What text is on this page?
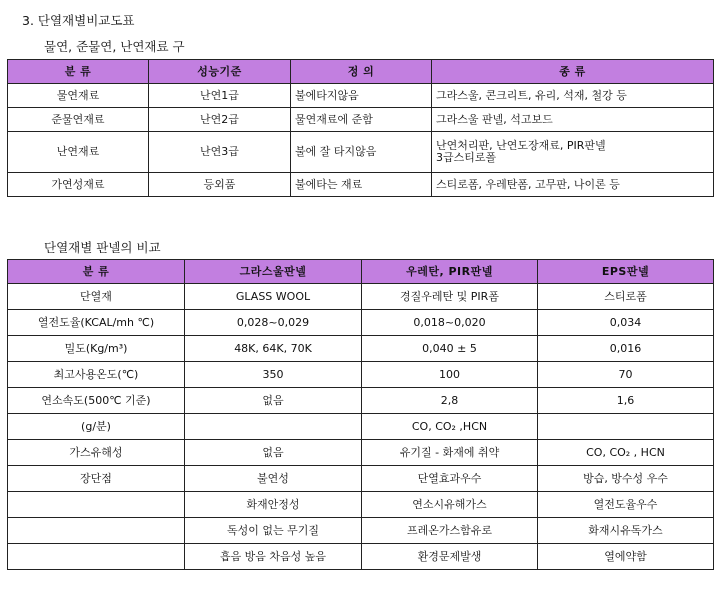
3. 단열재별비교도표
물연, 준물연, 난연재료 구
분 류	성능기준	정 의	종 류
물연재료	난연1급	불에타지않음	그라스울, 콘크리트, 유리, 석재, 철강 등
준물연재료	난연2급	물연재료에 준함	그라스울 판넬, 석고보드
난연재료	난연3급	불에 잘 타지않음	난연처리판, 난연도장재료, PIR판넬
3급스티로폴
가연성재료	등외품	불에타는 재료	스티로폼, 우레탄폼, 고무판, 나이론 등
단열재별 판넬의 비교
분 류	그라스울판넬	우레탄, PIR판넬	EPS판넬
단열재	GLASS WOOL	경질우레탄 및 PIR폼	스티로폼
열전도율(KCAL/mh ℃)	0,028~0,029	0,018~0,020	0,034
밀도(Kg/m³)	48K, 64K, 70K	0,040 ± 5	0,016
최고사용온도(℃)	350	100	70
연소속도(500℃ 기준)	없음	2,8	1,6
(g/분)		CO, CO₂ ,HCN	
가스유해성	없음	유기질 - 화재에 취약	CO, CO₂ , HCN
장단점	불연성	단열효과우수	방습, 방수성 우수
	화재안정성	연소시유해가스	열전도율우수
	독성이 없는 무기질	프레온가스함유로	화재시유독가스
	흡음 방음 차음성 높음	환경문제발생	열에약함
